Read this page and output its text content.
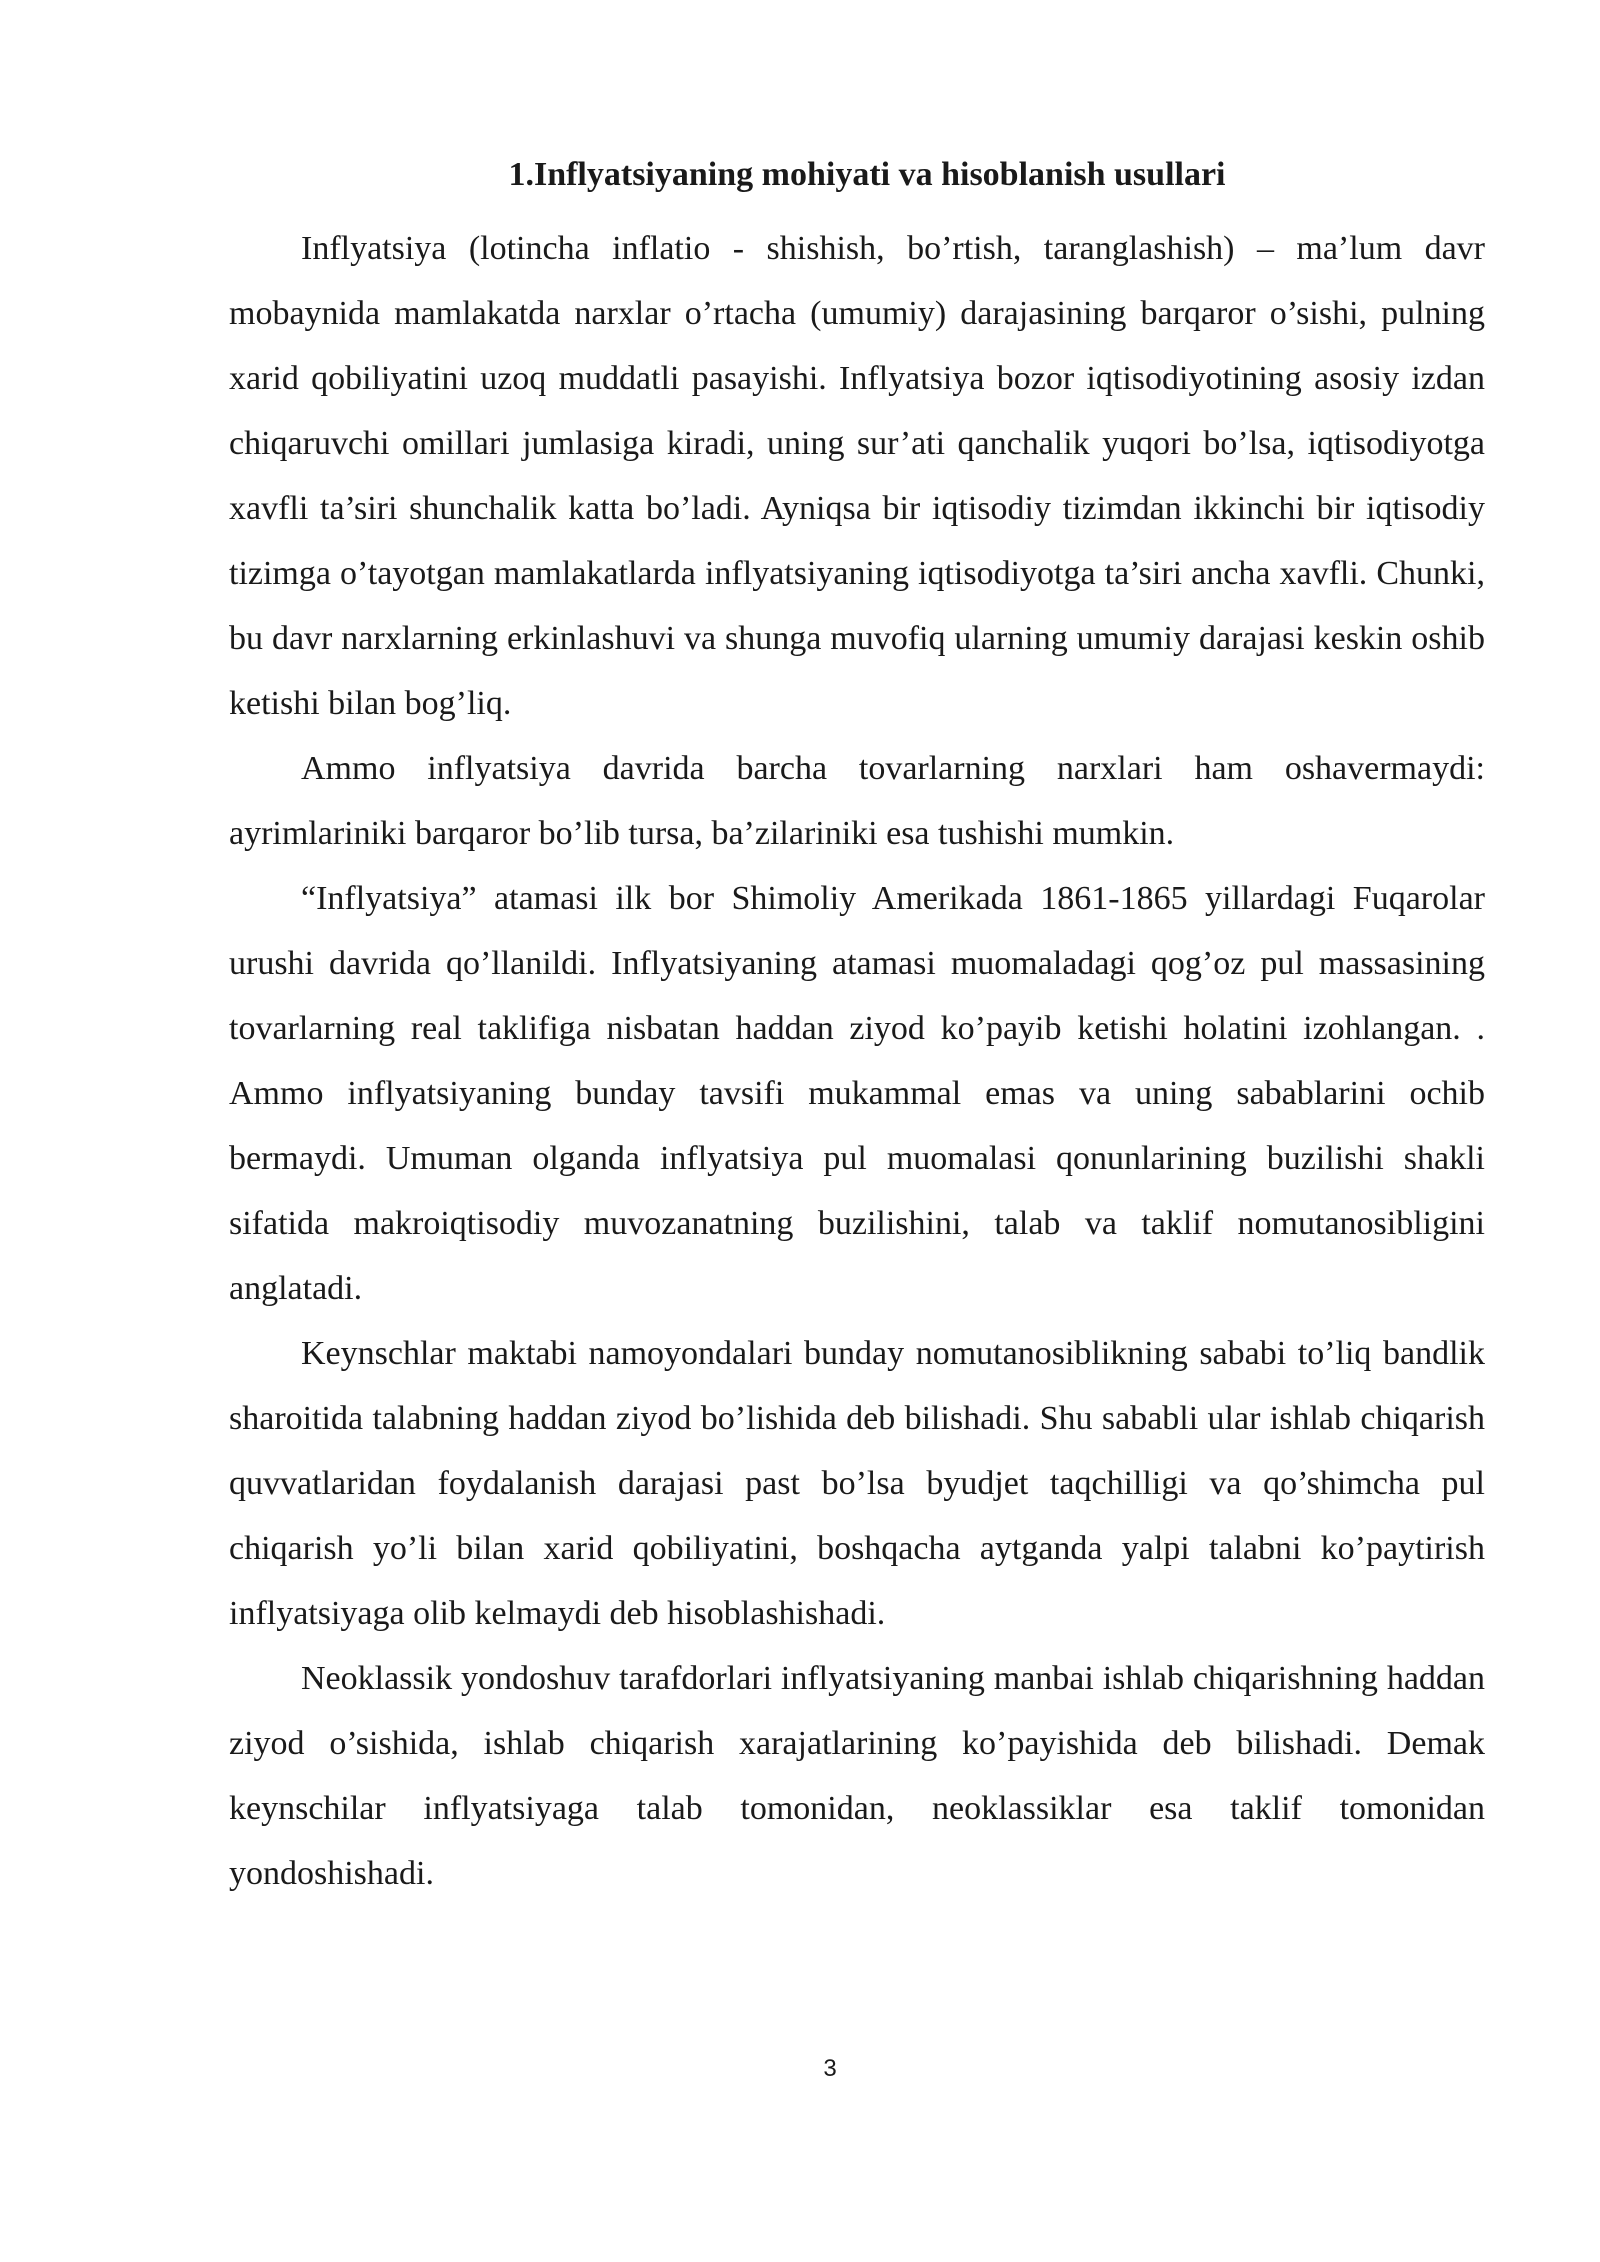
1.Inflyatsiyaning mohiyati va hisoblanish usullari

Inflyatsiya (lotincha inflatio - shishish, bo’rtish, taranglashish) – ma’lum davr mobaynida mamlakatda narxlar o’rtacha (umumiy) darajasining barqaror o’sishi, pulning xarid qobiliyatini uzoq muddatli pasayishi. Inflyatsiya bozor iqtisodiyotining asosiy izdan chiqaruvchi omillari jumlasiga kiradi, uning sur’ati qanchalik yuqori bo’lsa, iqtisodiyotga xavfli ta’siri shunchalik katta bo’ladi. Ayniqsa bir iqtisodiy tizimdan ikkinchi bir iqtisodiy tizimga o’tayotgan mamlakatlarda inflyatsiyaning iqtisodiyotga ta’siri ancha xavfli. Chunki, bu davr narxlarning erkinlashuvi va shunga muvofiq ularning umumiy darajasi keskin oshib ketishi bilan bog’liq.

Ammo inflyatsiya davrida barcha tovarlarning narxlari ham oshavermaydi: ayrimlariniki barqaror bo’lib tursa, ba’zilariniki esa tushishi mumkin.

“Inflyatsiya” atamasi ilk bor Shimoliy Amerikada 1861-1865 yillardagi Fuqarolar urushi davrida qo’llanildi. Inflyatsiyaning atamasi muomaladagi qog’oz pul massasining tovarlarning real taklifiga nisbatan haddan ziyod ko’payib ketishi holatini izohlangan. . Ammo inflyatsiyaning bunday tavsifi mukammal emas va uning sabablarini ochib bermaydi. Umuman olganda inflyatsiya pul muomalasi qonunlarining buzilishi shakli sifatida makroiqtisodiy muvozanatning buzilishini, talab va taklif nomutanosibligini anglatadi.

Keynschlar maktabi namoyondalari bunday nomutanosiblikning sababi to’liq bandlik sharoitida talabning haddan ziyod bo’lishida deb bilishadi. Shu sababli ular ishlab chiqarish quvvatlaridan foydalanish darajasi past bo’lsa byudjet taqchilligi va qo’shimcha pul chiqarish yo’li bilan xarid qobiliyatini, boshqacha aytganda yalpi talabni ko’paytirish inflyatsiyaga olib kelmaydi deb hisoblashishadi.

Neoklassik yondoshuv tarafdorlari inflyatsiyaning manbai ishlab chiqarishning haddan ziyod o’sishida, ishlab chiqarish xarajatlarining ko’payishida deb bilishadi. Demak keynschilar inflyatsiyaga talab tomonidan, neoklassiklar esa taklif tomonidan yondoshishadi.

3
